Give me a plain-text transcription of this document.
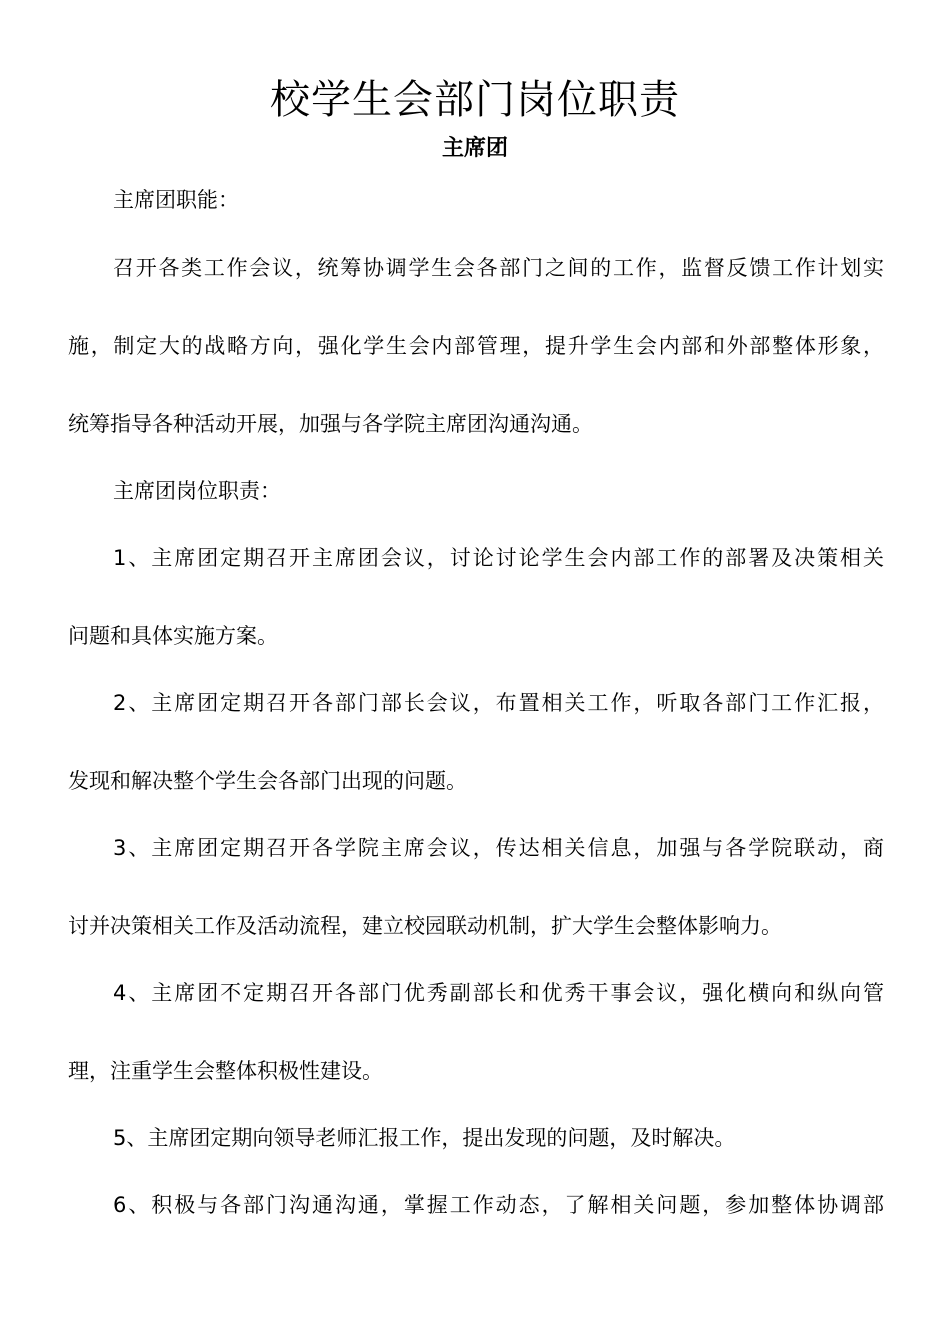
校学生会部门岗位职责
主席团
主席团职能：
召开各类工作会议，统筹协调学生会各部门之间的工作，监督反馈工作计划实
施，制定大的战略方向，强化学生会内部管理，提升学生会内部和外部整体形象，
统筹指导各种活动开展，加强与各学院主席团沟通沟通。
主席团岗位职责：
1、主席团定期召开主席团会议，讨论讨论学生会内部工作的部署及决策相关
问题和具体实施方案。
2、主席团定期召开各部门部长会议，布置相关工作，听取各部门工作汇报，
发现和解决整个学生会各部门出现的问题。
3、主席团定期召开各学院主席会议，传达相关信息，加强与各学院联动，商
讨并决策相关工作及活动流程，建立校园联动机制，扩大学生会整体影响力。
4、主席团不定期召开各部门优秀副部长和优秀干事会议，强化横向和纵向管
理，注重学生会整体积极性建设。
5、主席团定期向领导老师汇报工作，提出发现的问题，及时解决。
6、积极与各部门沟通沟通，掌握工作动态，了解相关问题，参加整体协调部
